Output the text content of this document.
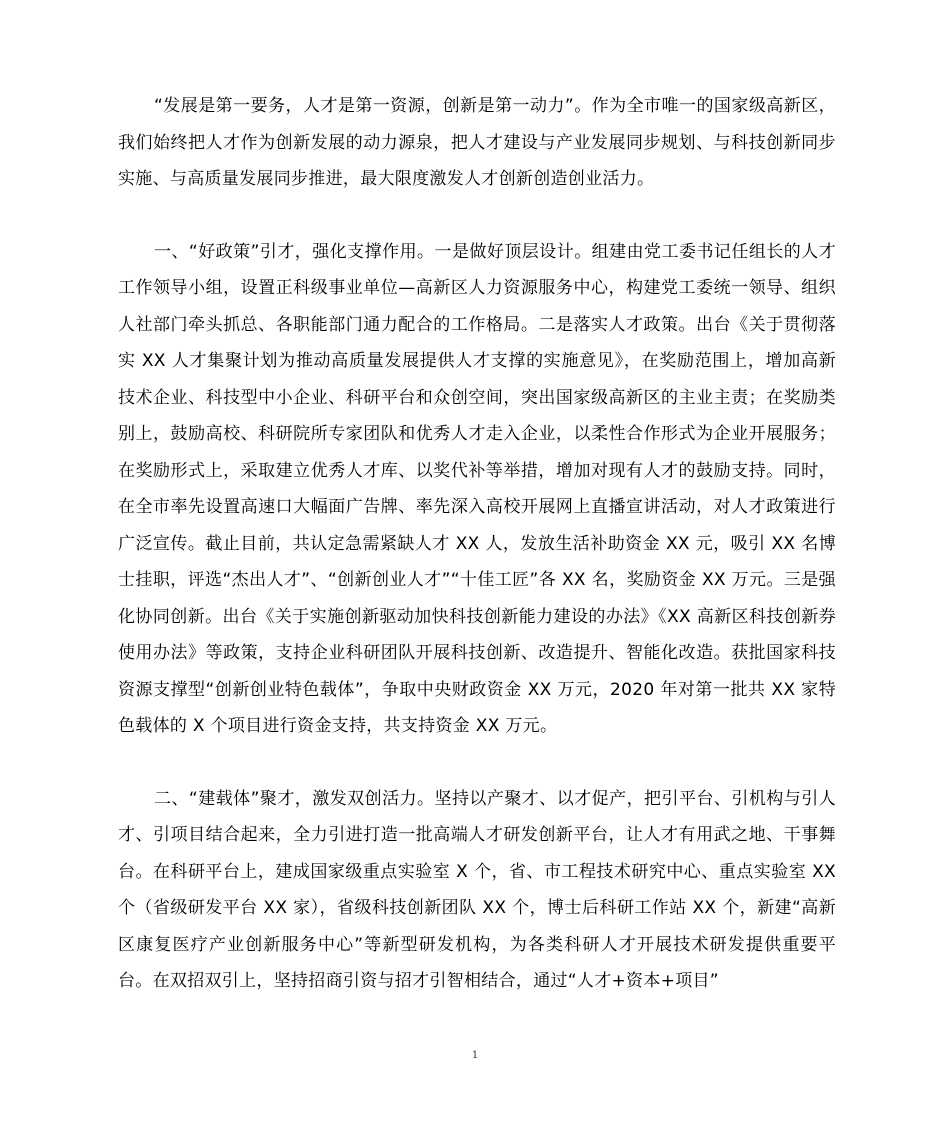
“发展是第一要务，人才是第一资源，创新是第一动力”。作为全市唯一的国家级高新区，我们始终把人才作为创新发展的动力源泉，把人才建设与产业发展同步规划、与科技创新同步实施、与高质量发展同步推进，最大限度激发人才创新创造创业活力。

一、“好政策”引才，强化支撑作用。一是做好顶层设计。组建由党工委书记任组长的人才工作领导小组，设置正科级事业单位—高新区人力资源服务中心，构建党工委统一领导、组织人社部门牵头抓总、各职能部门通力配合的工作格局。二是落实人才政策。出台《关于贯彻落实 XX 人才集聚计划为推动高质量发展提供人才支撑的实施意见》，在奖励范围上，增加高新技术企业、科技型中小企业、科研平台和众创空间，突出国家级高新区的主业主责；在奖励类别上，鼓励高校、科研院所专家团队和优秀人才走入企业，以柔性合作形式为企业开展服务；在奖励形式上，采取建立优秀人才库、以奖代补等举措，增加对现有人才的鼓励支持。同时，在全市率先设置高速口大幅面广告牌、率先深入高校开展网上直播宣讲活动，对人才政策进行广泛宣传。截止目前，共认定急需紧缺人才 XX 人，发放生活补助资金 XX 元，吸引 XX 名博士挂职，评选“杰出人才”、“创新创业人才”“十佳工匠”各 XX 名，奖励资金 XX 万元。三是强化协同创新。出台《关于实施创新驱动加快科技创新能力建设的办法》《XX 高新区科技创新券使用办法》等政策，支持企业科研团队开展科技创新、改造提升、智能化改造。获批国家科技资源支撑型“创新创业特色载体”，争取中央财政资金 XX 万元，2020 年对第一批共 XX 家特色载体的 X 个项目进行资金支持，共支持资金 XX 万元。

二、“建载体”聚才，激发双创活力。坚持以产聚才、以才促产，把引平台、引机构与引人才、引项目结合起来，全力引进打造一批高端人才研发创新平台，让人才有用武之地、干事舞台。在科研平台上，建成国家级重点实验室 X 个，省、市工程技术研究中心、重点实验室 XX 个（省级研发平台 XX 家），省级科技创新团队 XX 个，博士后科研工作站 XX 个，新建“高新区康复医疗产业创新服务中心”等新型研发机构，为各类科研人才开展技术研发提供重要平台。在双招双引上，坚持招商引资与招才引智相结合，通过“人才+资本+项目”

1
